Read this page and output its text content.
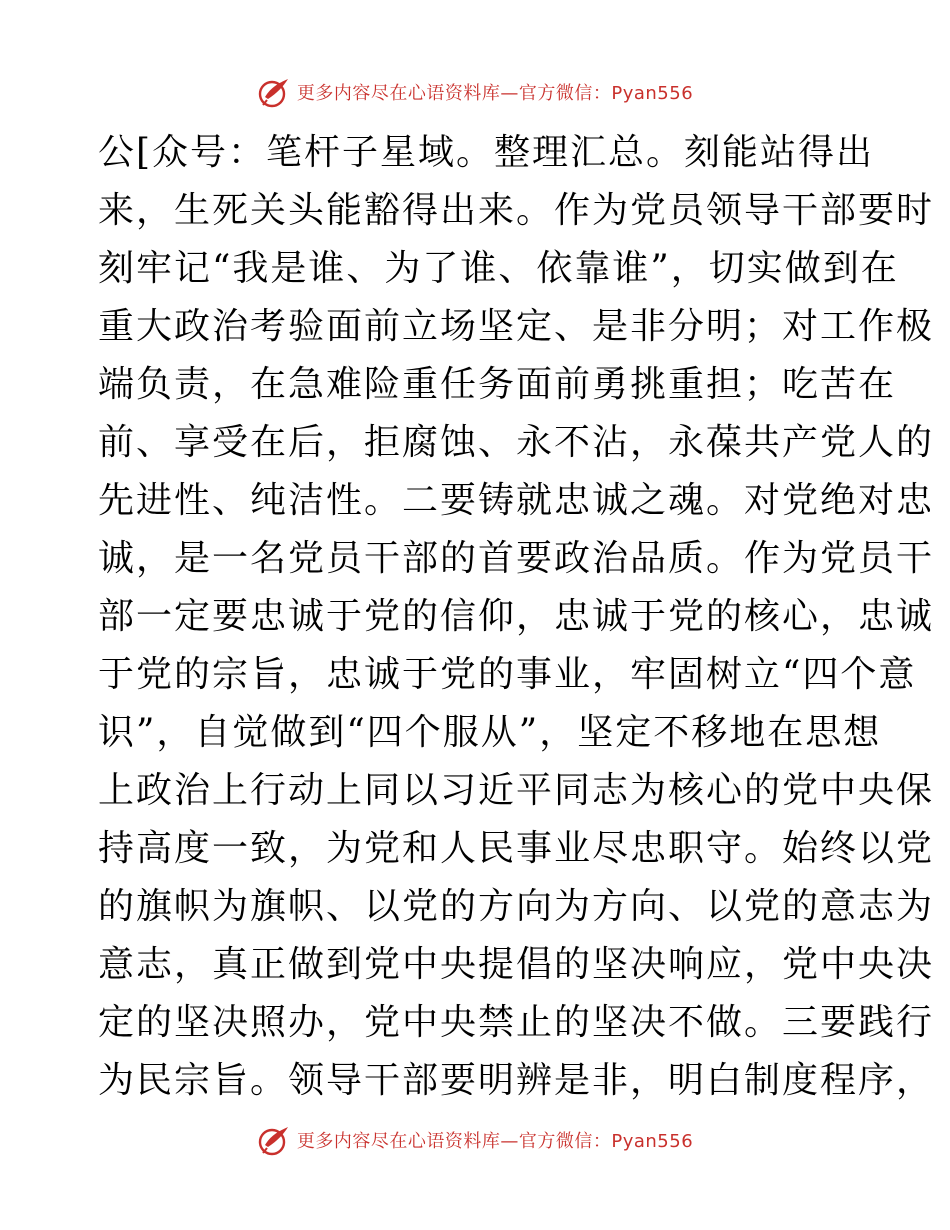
更多内容尽在心语资料库—官方微信：Pyan556
公[众号：笔杆子星域。整理汇总。刻能站得出
来，生死关头能豁得出来。作为党员领导干部要时
刻牢记“我是谁、为了谁、依靠谁”，切实做到在
重大政治考验面前立场坚定、是非分明；对工作极
端负责，在急难险重任务面前勇挑重担；吃苦在
前、享受在后，拒腐蚀、永不沾，永葆共产党人的
先进性、纯洁性。二要铸就忠诚之魂。对党绝对忠
诚，是一名党员干部的首要政治品质。作为党员干
部一定要忠诚于党的信仰，忠诚于党的核心，忠诚
于党的宗旨，忠诚于党的事业，牢固树立“四个意
识”，自觉做到“四个服从”，坚定不移地在思想
上政治上行动上同以习近平同志为核心的党中央保
持高度一致，为党和人民事业尽忠职守。始终以党
的旗帜为旗帜、以党的方向为方向、以党的意志为
意志，真正做到党中央提倡的坚决响应，党中央决
定的坚决照办，党中央禁止的坚决不做。三要践行
为民宗旨。领导干部要明辨是非，明白制度程序，
更多内容尽在心语资料库—官方微信：Pyan556
